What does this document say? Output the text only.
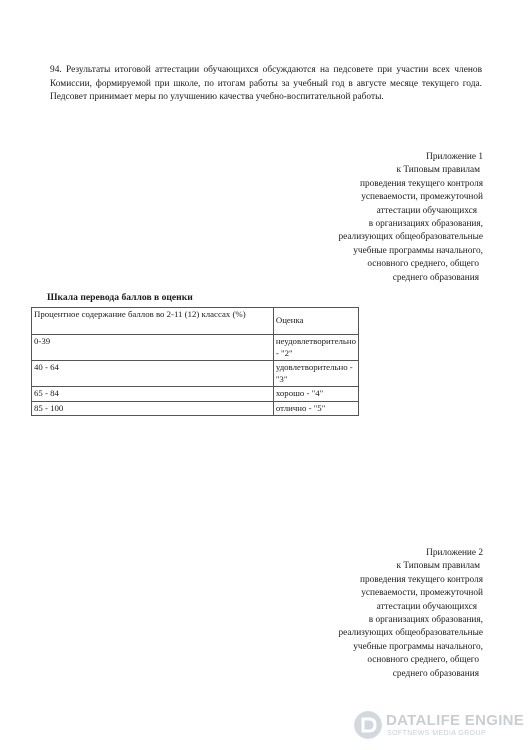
94. Результаты итоговой аттестации обучающихся обсуждаются на педсовете при участии всех членов Комиссии, формируемой при школе, по итогам работы за учебный год в августе месяце текущего года. Педсовет принимает меры по улучшению качества учебно-воспитательной работы.

Приложение 1
к Типовым правилам
проведения текущего контроля
успеваемости, промежуточной
аттестации обучающихся
в организациях образования,
реализующих общеобразовательные
учебные программы начального,
основного среднего, общего
среднего образования
Шкала перевода баллов в оценки
Процентное содержание баллов во 2-11 (12) классах (%)	Оценка
0-39	неудовлетворительно - "2"
40 - 64	удовлетворительно - "3"
65 - 84	хорошо - "4"
85 - 100	отлично - "5"
Приложение 2
к Типовым правилам
проведения текущего контроля
успеваемости, промежуточной
аттестации обучающихся
в организациях образования,
реализующих общеобразовательные
учебные программы начального,
основного среднего, общего
среднего образования
DATALIFE ENGINE
SOFTNEWS MEDIA GROUP
